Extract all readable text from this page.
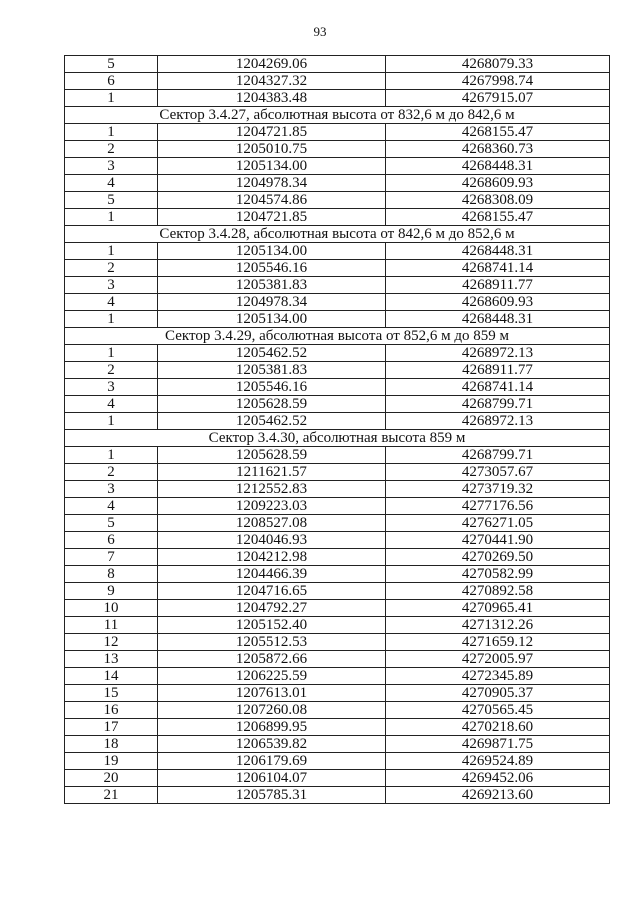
93
5	1204269.06	4268079.33
6	1204327.32	4267998.74
1	1204383.48	4267915.07
Сектор 3.4.27, абсолютная высота от 832,6 м до 842,6 м		
1	1204721.85	4268155.47
2	1205010.75	4268360.73
3	1205134.00	4268448.31
4	1204978.34	4268609.93
5	1204574.86	4268308.09
1	1204721.85	4268155.47
Сектор 3.4.28, абсолютная высота от 842,6 м до 852,6 м		
1	1205134.00	4268448.31
2	1205546.16	4268741.14
3	1205381.83	4268911.77
4	1204978.34	4268609.93
1	1205134.00	4268448.31
Сектор 3.4.29, абсолютная высота от 852,6 м до 859 м		
1	1205462.52	4268972.13
2	1205381.83	4268911.77
3	1205546.16	4268741.14
4	1205628.59	4268799.71
1	1205462.52	4268972.13
Сектор 3.4.30, абсолютная высота 859 м		
1	1205628.59	4268799.71
2	1211621.57	4273057.67
3	1212552.83	4273719.32
4	1209223.03	4277176.56
5	1208527.08	4276271.05
6	1204046.93	4270441.90
7	1204212.98	4270269.50
8	1204466.39	4270582.99
9	1204716.65	4270892.58
10	1204792.27	4270965.41
11	1205152.40	4271312.26
12	1205512.53	4271659.12
13	1205872.66	4272005.97
14	1206225.59	4272345.89
15	1207613.01	4270905.37
16	1207260.08	4270565.45
17	1206899.95	4270218.60
18	1206539.82	4269871.75
19	1206179.69	4269524.89
20	1206104.07	4269452.06
21	1205785.31	4269213.60
